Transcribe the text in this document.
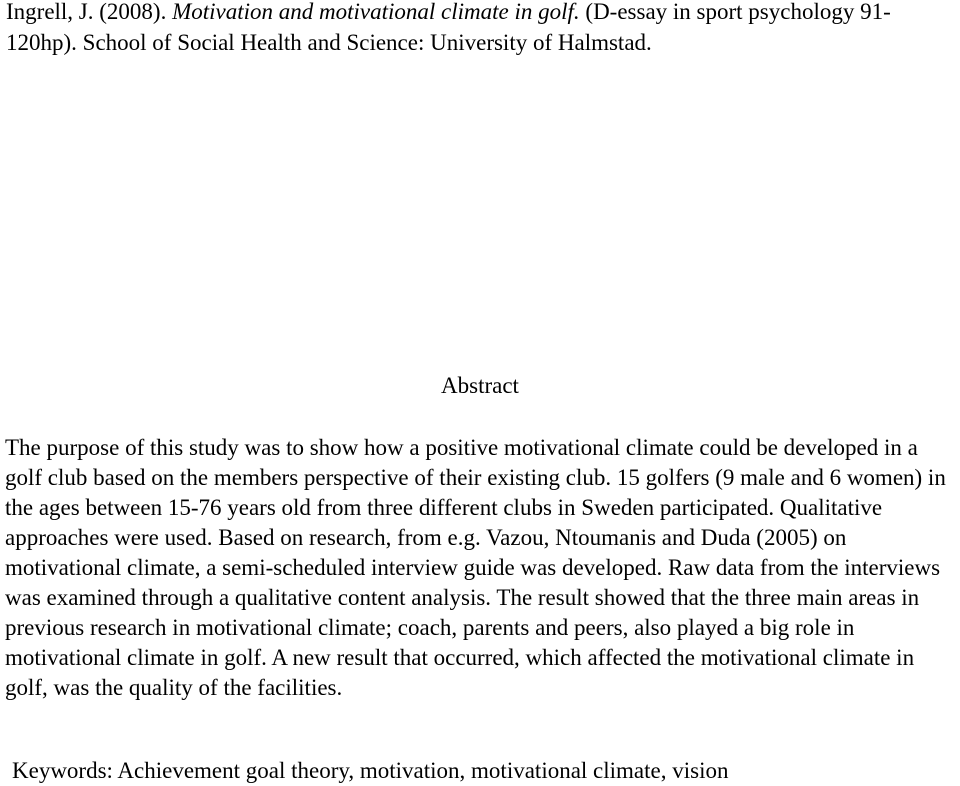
Ingrell, J. (2008). Motivation and motivational climate in golf. (D-essay in sport psychology 91-120hp). School of Social Health and Science: University of Halmstad.

Abstract

The purpose of this study was to show how a positive motivational climate could be developed in a golf club based on the members perspective of their existing club. 15 golfers (9 male and 6 women) in the ages between 15-76 years old from three different clubs in Sweden participated. Qualitative approaches were used. Based on research, from e.g. Vazou, Ntoumanis and Duda (2005) on motivational climate, a semi-scheduled interview guide was developed. Raw data from the interviews was examined through a qualitative content analysis. The result showed that the three main areas in previous research in motivational climate; coach, parents and peers, also played a big role in motivational climate in golf. A new result that occurred, which affected the motivational climate in golf, was the quality of the facilities.

Keywords: Achievement goal theory, motivation, motivational climate, vision
